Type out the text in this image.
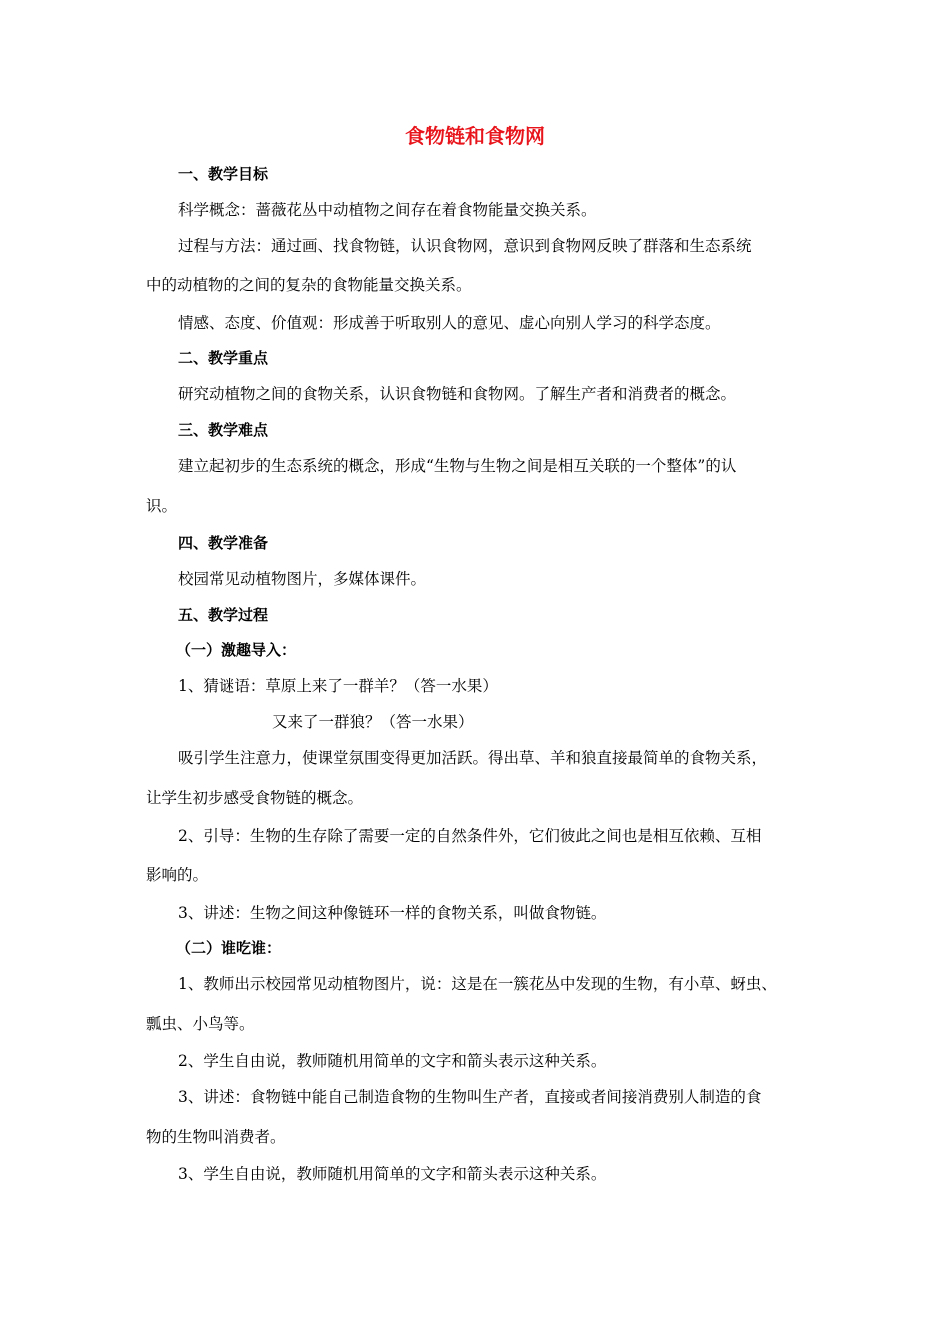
食物链和食物网
一、教学目标
科学概念：蔷薇花丛中动植物之间存在着食物能量交换关系。
过程与方法：通过画、找食物链，认识食物网，意识到食物网反映了群落和生态系统
中的动植物的之间的复杂的食物能量交换关系。
情感、态度、价值观：形成善于听取别人的意见、虚心向别人学习的科学态度。
二、教学重点
研究动植物之间的食物关系，认识食物链和食物网。了解生产者和消费者的概念。
三、教学难点
建立起初步的生态系统的概念，形成“生物与生物之间是相互关联的一个整体”的认
识。
四、教学准备
校园常见动植物图片，多媒体课件。
五、教学过程
（一）激趣导入：
1、猜谜语：草原上来了一群羊？（答一水果）
又来了一群狼？（答一水果）
吸引学生注意力，使课堂氛围变得更加活跃。得出草、羊和狼直接最简单的食物关系，
让学生初步感受食物链的概念。
2、引导：生物的生存除了需要一定的自然条件外，它们彼此之间也是相互依赖、互相
影响的。
3、讲述：生物之间这种像链环一样的食物关系，叫做食物链。
（二）谁吃谁：
1、教师出示校园常见动植物图片，说：这是在一簇花丛中发现的生物，有小草、蚜虫、
瓢虫、小鸟等。
2、学生自由说，教师随机用简单的文字和箭头表示这种关系。
3、讲述：食物链中能自己制造食物的生物叫生产者，直接或者间接消费别人制造的食
物的生物叫消费者。
3、学生自由说，教师随机用简单的文字和箭头表示这种关系。
